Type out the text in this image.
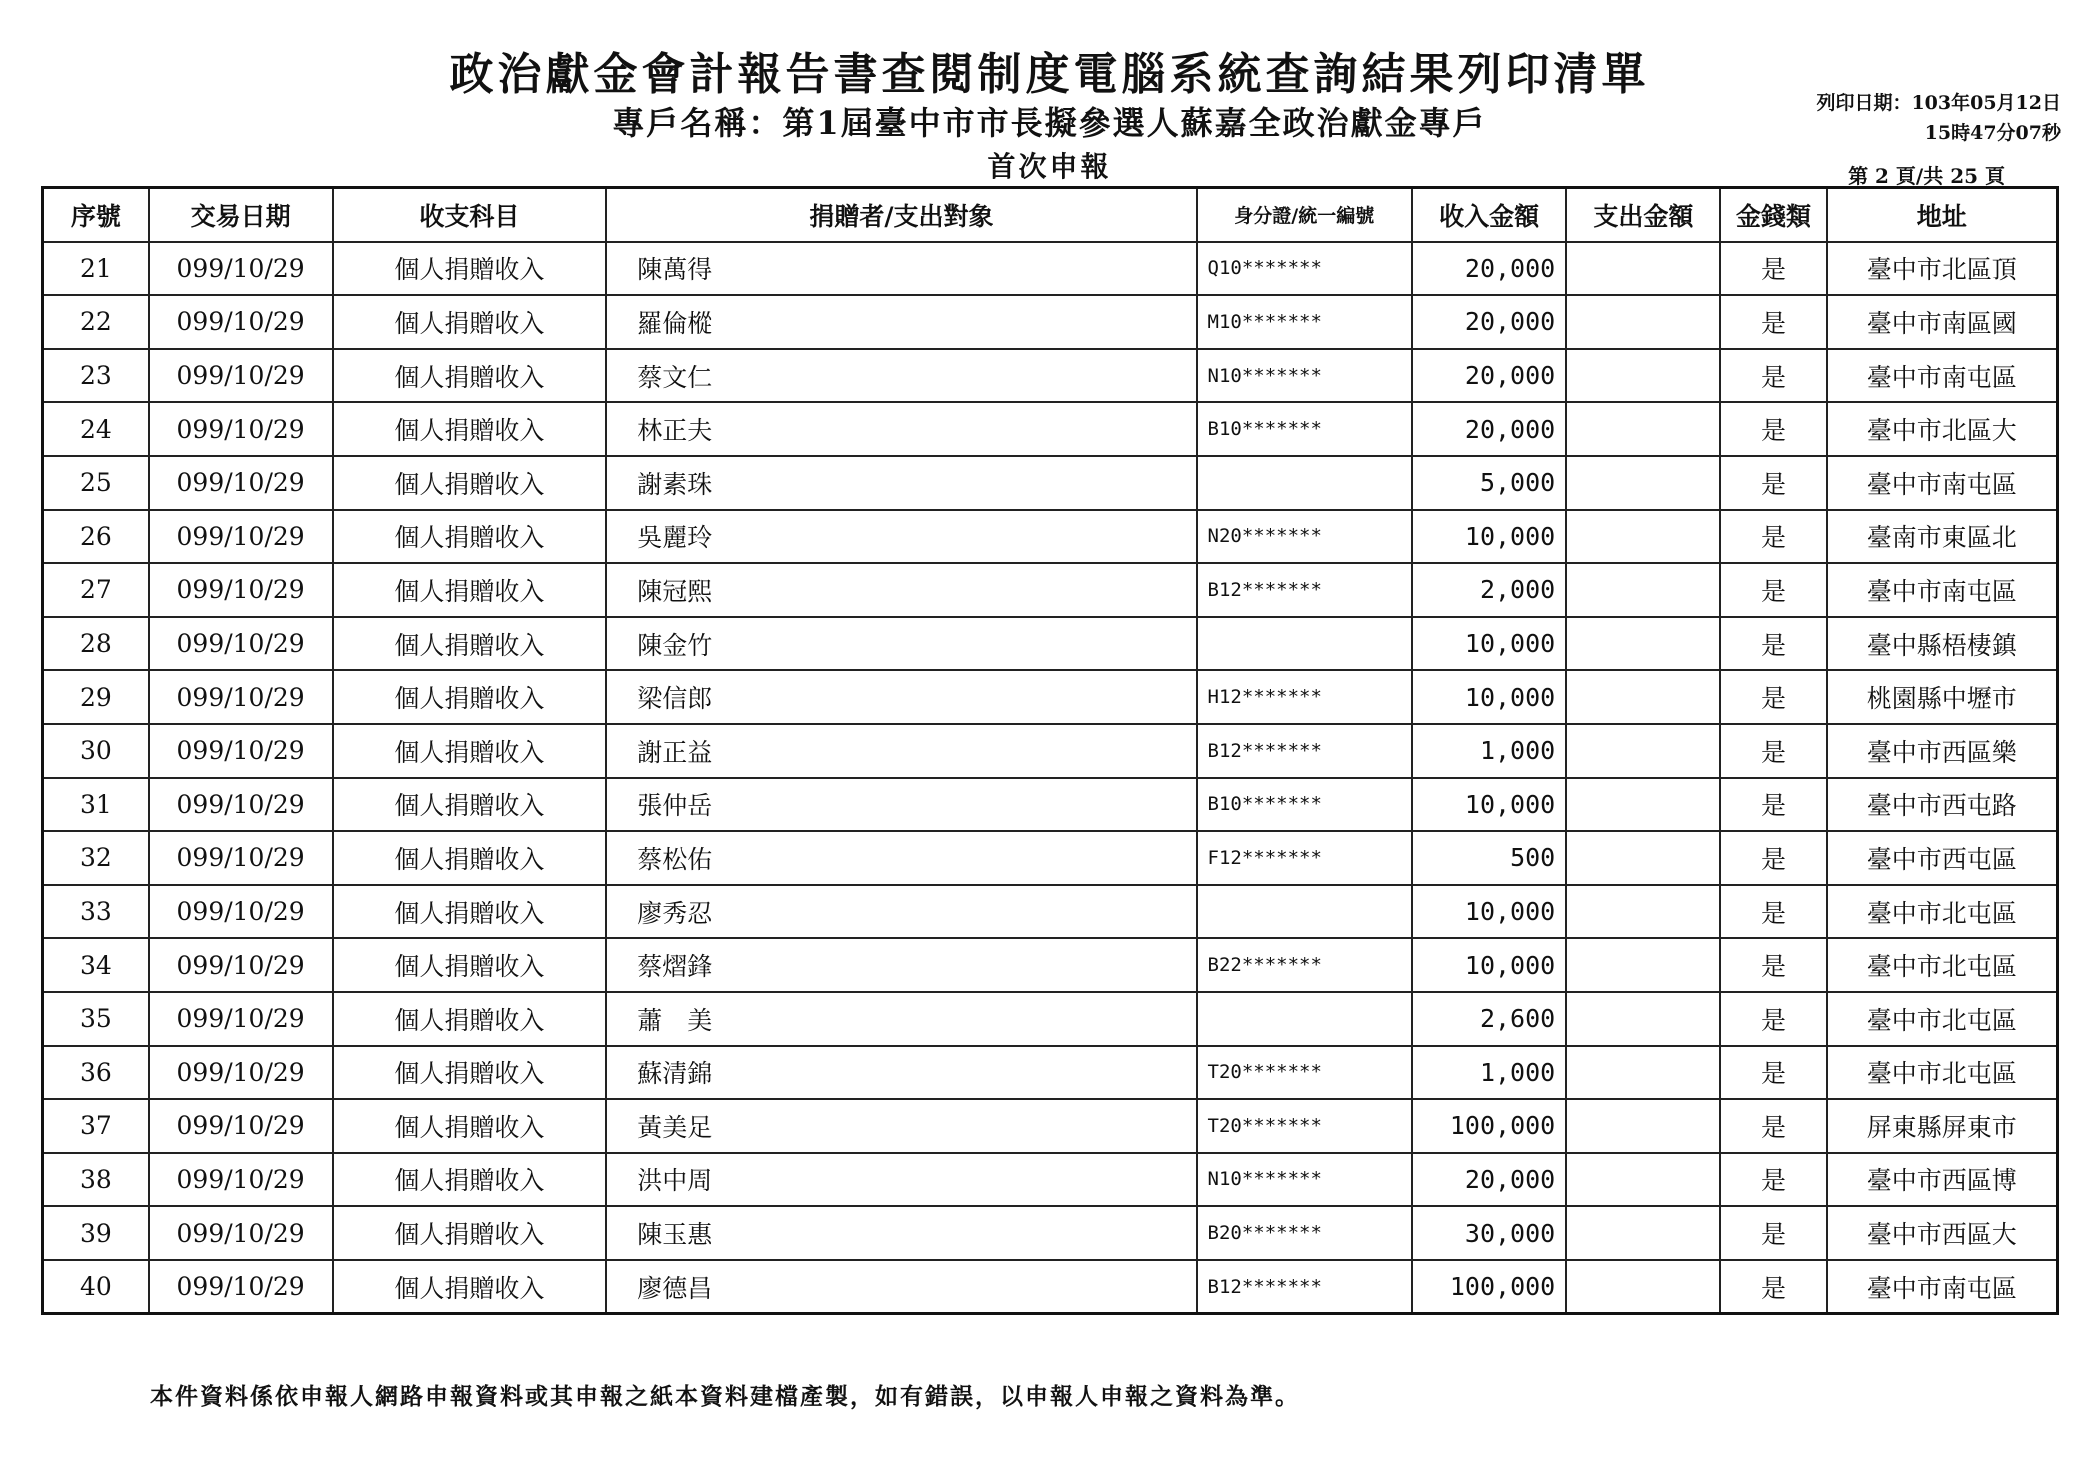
政治獻金會計報告書查閱制度電腦系統查詢結果列印清單
專戶名稱：第1屆臺中市市長擬參選人蘇嘉全政治獻金專戶
首次申報
列印日期：103年05月12日
15時47分07秒
第 2 頁/共 25 頁
序號	交易日期	收支科目	捐贈者/支出對象	身分證/統一編號	收入金額	支出金額	金錢類	地址
21	099/10/29	個人捐贈收入	陳萬得	Q10*******	20,000		是	臺中市北區頂
22	099/10/29	個人捐贈收入	羅倫樅	M10*******	20,000		是	臺中市南區國
23	099/10/29	個人捐贈收入	蔡文仁	N10*******	20,000		是	臺中市南屯區
24	099/10/29	個人捐贈收入	林正夫	B10*******	20,000		是	臺中市北區大
25	099/10/29	個人捐贈收入	謝素珠		5,000		是	臺中市南屯區
26	099/10/29	個人捐贈收入	吳麗玲	N20*******	10,000		是	臺南市東區北
27	099/10/29	個人捐贈收入	陳冠熙	B12*******	2,000		是	臺中市南屯區
28	099/10/29	個人捐贈收入	陳金竹		10,000		是	臺中縣梧棲鎮
29	099/10/29	個人捐贈收入	梁信郎	H12*******	10,000		是	桃園縣中壢市
30	099/10/29	個人捐贈收入	謝正益	B12*******	1,000		是	臺中市西區樂
31	099/10/29	個人捐贈收入	張仲岳	B10*******	10,000		是	臺中市西屯路
32	099/10/29	個人捐贈收入	蔡松佑	F12*******	500		是	臺中市西屯區
33	099/10/29	個人捐贈收入	廖秀忍		10,000		是	臺中市北屯區
34	099/10/29	個人捐贈收入	蔡熠鋒	B22*******	10,000		是	臺中市北屯區
35	099/10/29	個人捐贈收入	蕭　美		2,600		是	臺中市北屯區
36	099/10/29	個人捐贈收入	蘇清錦	T20*******	1,000		是	臺中市北屯區
37	099/10/29	個人捐贈收入	黃美足	T20*******	100,000		是	屏東縣屏東市
38	099/10/29	個人捐贈收入	洪中周	N10*******	20,000		是	臺中市西區博
39	099/10/29	個人捐贈收入	陳玉惠	B20*******	30,000		是	臺中市西區大
40	099/10/29	個人捐贈收入	廖德昌	B12*******	100,000		是	臺中市南屯區
本件資料係依申報人網路申報資料或其申報之紙本資料建檔產製，如有錯誤，以申報人申報之資料為準。
